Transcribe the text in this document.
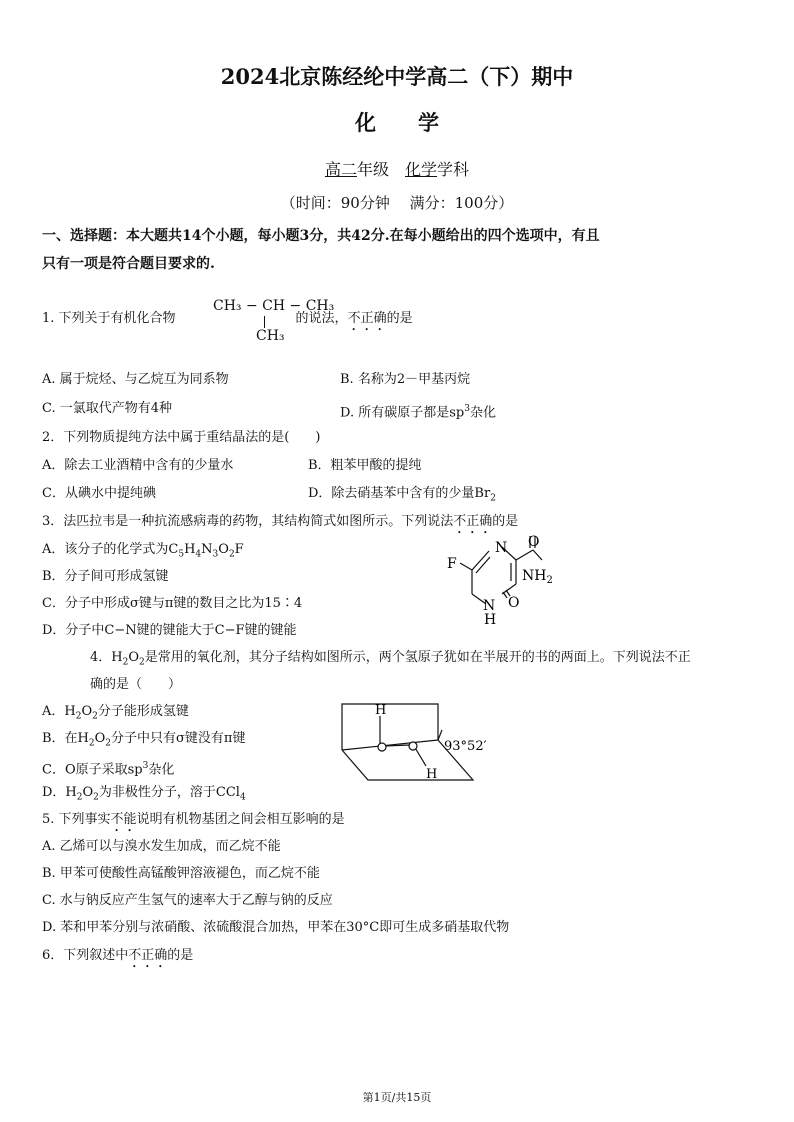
2024北京陈经纶中学高二（下）期中
化　　学
高二年级　 化学学科
（时间：90分钟　 满分：100分）
一、选择题：本大题共14个小题，每小题3分，共42分.在每小题给出的四个选项中，有且
只有一项是符合题目要求的.
1. 下列关于有机化合物	的说法，不正确的是
CH₃ − CH − CH₃
CH₃
A. 属于烷烃、与乙烷互为同系物	B. 名称为2－甲基丙烷
C. 一氯取代产物有4种	D. 所有碳原子都是$sp^3$杂化
2．下列物质提纯方法中属于重结晶法的是(　　)
A．除去工业酒精中含有的少量水	B．粗苯甲酸的提纯
C．从碘水中提纯碘	D．除去硝基苯中含有的少量$Br_2$
3．法匹拉韦是一种抗流感病毒的药物，其结构简式如图所示。下列说法不正确的是
A．该分子的化学式为$C_5H_4N_3O_2F$
B．分子间可形成氢键
C．分子中形成σ键与π键的数目之比为15∶4
D．分子中C−N键的键能大于C−F键的键能
N O
$NH_2$
O
N
H
F
4．$H_2O_2$是常用的氧化剂，其分子结构如图所示，两个氢原子犹如在半展开的书的两面上。下列说法不正
确的是（　　）
A．$H_2O_2$分子能形成氢键
B．在$H_2O_2$分子中只有σ键没有π键
C．O原子采取$sp^3$杂化
D．$H_2O_2$为非极性分子，溶于CCl$_4$
H
H
93°52′
5. 下列事实不能说明有机物基团之间会相互影响的是
A. 乙烯可以与溴水发生加成，而乙烷不能
B. 甲苯可使酸性高锰酸钾溶液褪色，而乙烷不能
C. 水与钠反应产生氢气的速率大于乙醇与钠的反应
D. 苯和甲苯分别与浓硝酸、浓硫酸混合加热，甲苯在30°C即可生成多硝基取代物
6．下列叙述中不正确的是
第1页/共15页
